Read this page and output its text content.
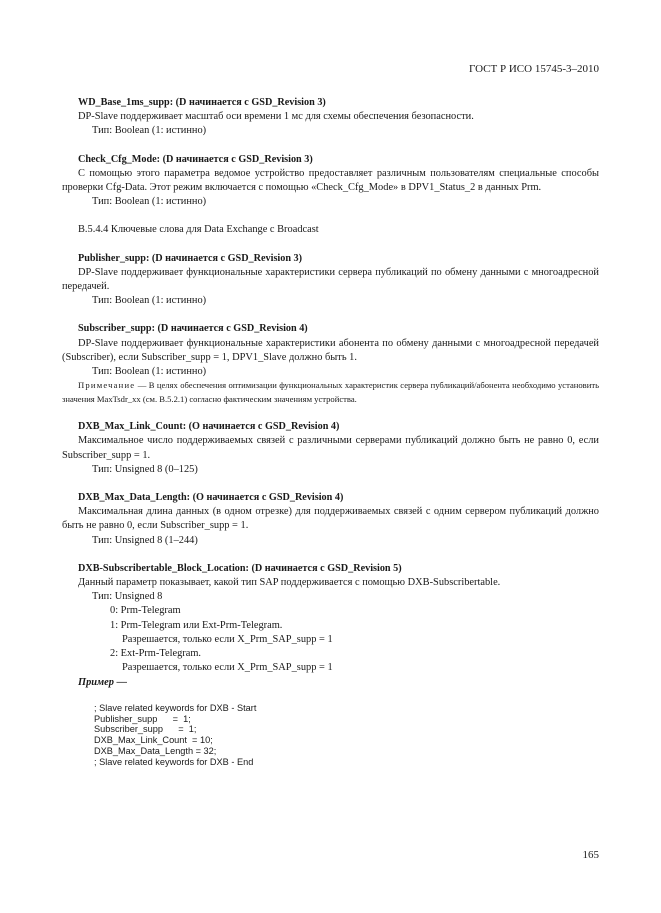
ГОСТ Р ИСО 15745-3–2010

WD_Base_1ms_supp: (D начинается с GSD_Revision 3)

DP-Slave поддерживает масштаб оси времени 1 мс для схемы обеспечения безопасности.

Тип: Boolean (1: истинно)

Check_Cfg_Mode: (D начинается с GSD_Revision 3)

С помощью этого параметра ведомое устройство предоставляет различным пользователям специальные способы проверки Cfg-Data. Этот режим включается с помощью «Check_Cfg_Mode» в DPV1_Status_2 в данных Prm.

Тип: Boolean (1: истинно)

B.5.4.4 Ключевые слова для Data Exchange с Broadcast

Publisher_supp: (D начинается с GSD_Revision 3)

DP-Slave поддерживает функциональные характеристики сервера публикаций по обмену данными с многоадресной передачей.

Тип: Boolean (1: истинно)

Subscriber_supp: (D начинается с GSD_Revision 4)

DP-Slave поддерживает функциональные характеристики абонента по обмену данными с многоадресной передачей (Subscriber), если Subscriber_supp = 1, DPV1_Slave должно быть 1.

Тип: Boolean (1: истинно)

Примечание — В целях обеспечения оптимизации функциональных характеристик сервера публикаций/абонента необходимо установить значения MaxTsdr_xx (см. B.5.2.1) согласно фактическим значениям устройства.

DXB_Max_Link_Count: (O начинается с GSD_Revision 4)

Максимальное число поддерживаемых связей с различными серверами публикаций должно быть не равно 0, если Subscriber_supp = 1.

Тип: Unsigned 8 (0–125)

DXB_Max_Data_Length: (O начинается с GSD_Revision 4)

Максимальная длина данных (в одном отрезке) для поддерживаемых связей с одним сервером публикаций должно быть не равно 0, если Subscriber_supp = 1.

Тип: Unsigned 8 (1–244)

DXB-Subscribertable_Block_Location: (D начинается с GSD_Revision 5)

Данный параметр показывает, какой тип SAP поддерживается с помощью DXB-Subscribertable.

Тип: Unsigned 8

0: Prm-Telegram

1: Prm-Telegram или Ext-Prm-Telegram.

Разрешается, только если X_Prm_SAP_supp = 1

2: Ext-Prm-Telegram.

Разрешается, только если X_Prm_SAP_supp = 1

Пример —

; Slave related keywords for DXB - Start
Publisher_supp      =  1;
Subscriber_supp      =  1;
DXB_Max_Link_Count  = 10;
DXB_Max_Data_Length = 32;
; Slave related keywords for DXB - End
165
